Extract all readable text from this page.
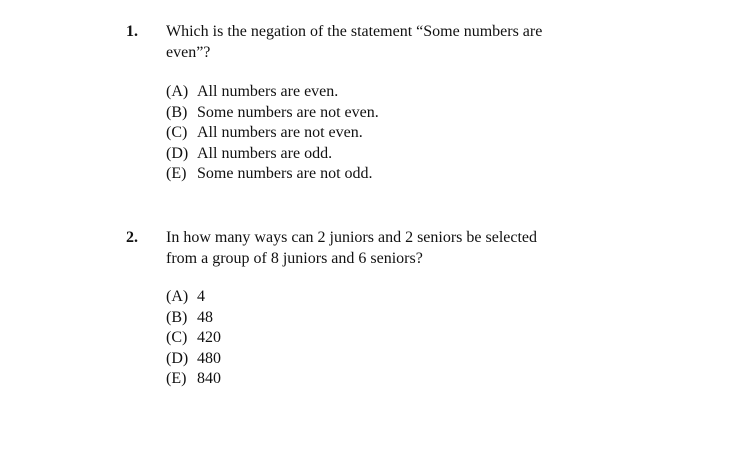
1. Which is the negation of the statement “Some numbers are
even”?
(A) All numbers are even.
(B) Some numbers are not even.
(C) All numbers are not even.
(D) All numbers are odd.
(E) Some numbers are not odd.
2. In how many ways can 2 juniors and 2 seniors be selected
from a group of 8 juniors and 6 seniors?
(A) 4
(B) 48
(C) 420
(D) 480
(E) 840
